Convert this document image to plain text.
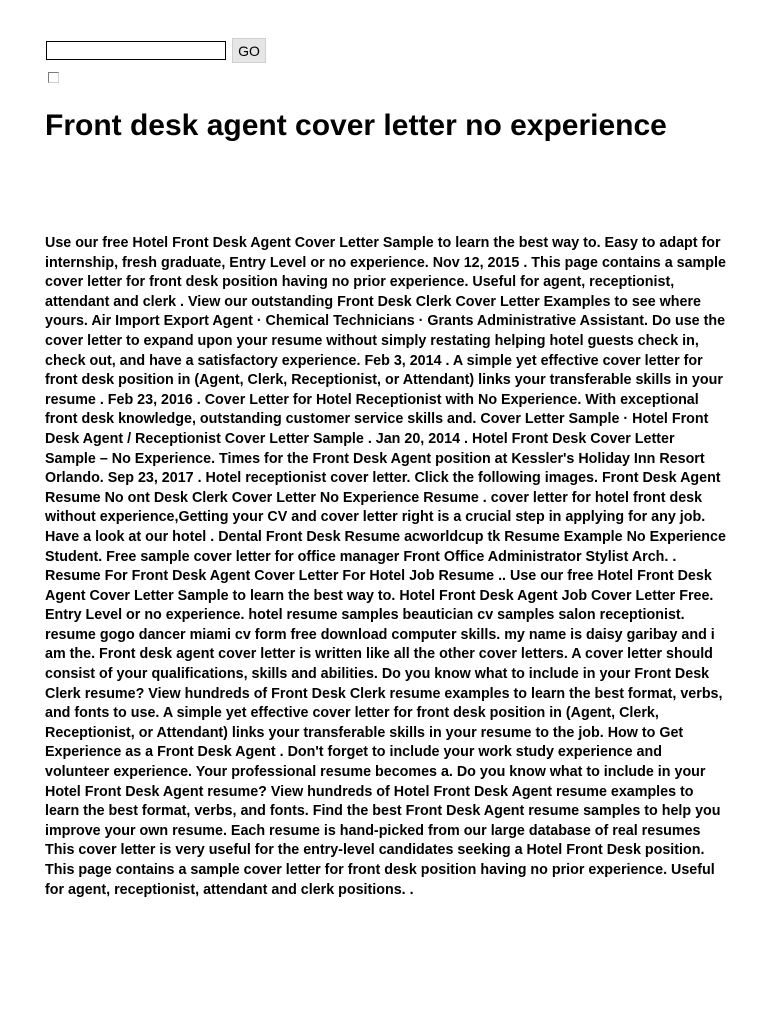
GO
Front desk agent cover letter no experience

Use our free Hotel Front Desk Agent Cover Letter Sample to learn the best way to. Easy to adapt for internship, fresh graduate, Entry Level or no experience. Nov 12, 2015 . This page contains a sample cover letter for front desk position having no prior experience. Useful for agent, receptionist, attendant and clerk . View our outstanding Front Desk Clerk Cover Letter Examples to see where yours. Air Import Export Agent · Chemical Technicians · Grants Administrative Assistant. Do use the cover letter to expand upon your resume without simply restating helping hotel guests check in, check out, and have a satisfactory experience. Feb 3, 2014 . A simple yet effective cover letter for front desk position in (Agent, Clerk, Receptionist, or Attendant) links your transferable skills in your resume . Feb 23, 2016 . Cover Letter for Hotel Receptionist with No Experience. With exceptional front desk knowledge, outstanding customer service skills and. Cover Letter Sample · Hotel Front Desk Agent / Receptionist Cover Letter Sample . Jan 20, 2014 . Hotel Front Desk Cover Letter Sample – No Experience. Times for the Front Desk Agent position at Kessler's Holiday Inn Resort Orlando. Sep 23, 2017 . Hotel receptionist cover letter. Click the following images. Front Desk Agent Resume No ont Desk Clerk Cover Letter No Experience Resume . cover letter for hotel front desk without experience,Getting your CV and cover letter right is a crucial step in applying for any job. Have a look at our hotel . Dental Front Desk Resume acworldcup tk Resume Example No Experience Student. Free sample cover letter for office manager Front Office Administrator Stylist Arch. . Resume For Front Desk Agent Cover Letter For Hotel Job Resume .. Use our free Hotel Front Desk Agent Cover Letter Sample to learn the best way to. Hotel Front Desk Agent Job Cover Letter Free. Entry Level or no experience. hotel resume samples beautician cv samples salon receptionist. resume gogo dancer miami cv form free download computer skills. my name is daisy garibay and i am the. Front desk agent cover letter is written like all the other cover letters. A cover letter should consist of your qualifications, skills and abilities. Do you know what to include in your Front Desk Clerk resume? View hundreds of Front Desk Clerk resume examples to learn the best format, verbs, and fonts to use. A simple yet effective cover letter for front desk position in (Agent, Clerk, Receptionist, or Attendant) links your transferable skills in your resume to the job. How to Get Experience as a Front Desk Agent . Don't forget to include your work study experience and volunteer experience. Your professional resume becomes a. Do you know what to include in your Hotel Front Desk Agent resume? View hundreds of Hotel Front Desk Agent resume examples to learn the best format, verbs, and fonts. Find the best Front Desk Agent resume samples to help you improve your own resume. Each resume is hand-picked from our large database of real resumes This cover letter is very useful for the entry-level candidates seeking a Hotel Front Desk position. This page contains a sample cover letter for front desk position having no prior experience. Useful for agent, receptionist, attendant and clerk positions. .
